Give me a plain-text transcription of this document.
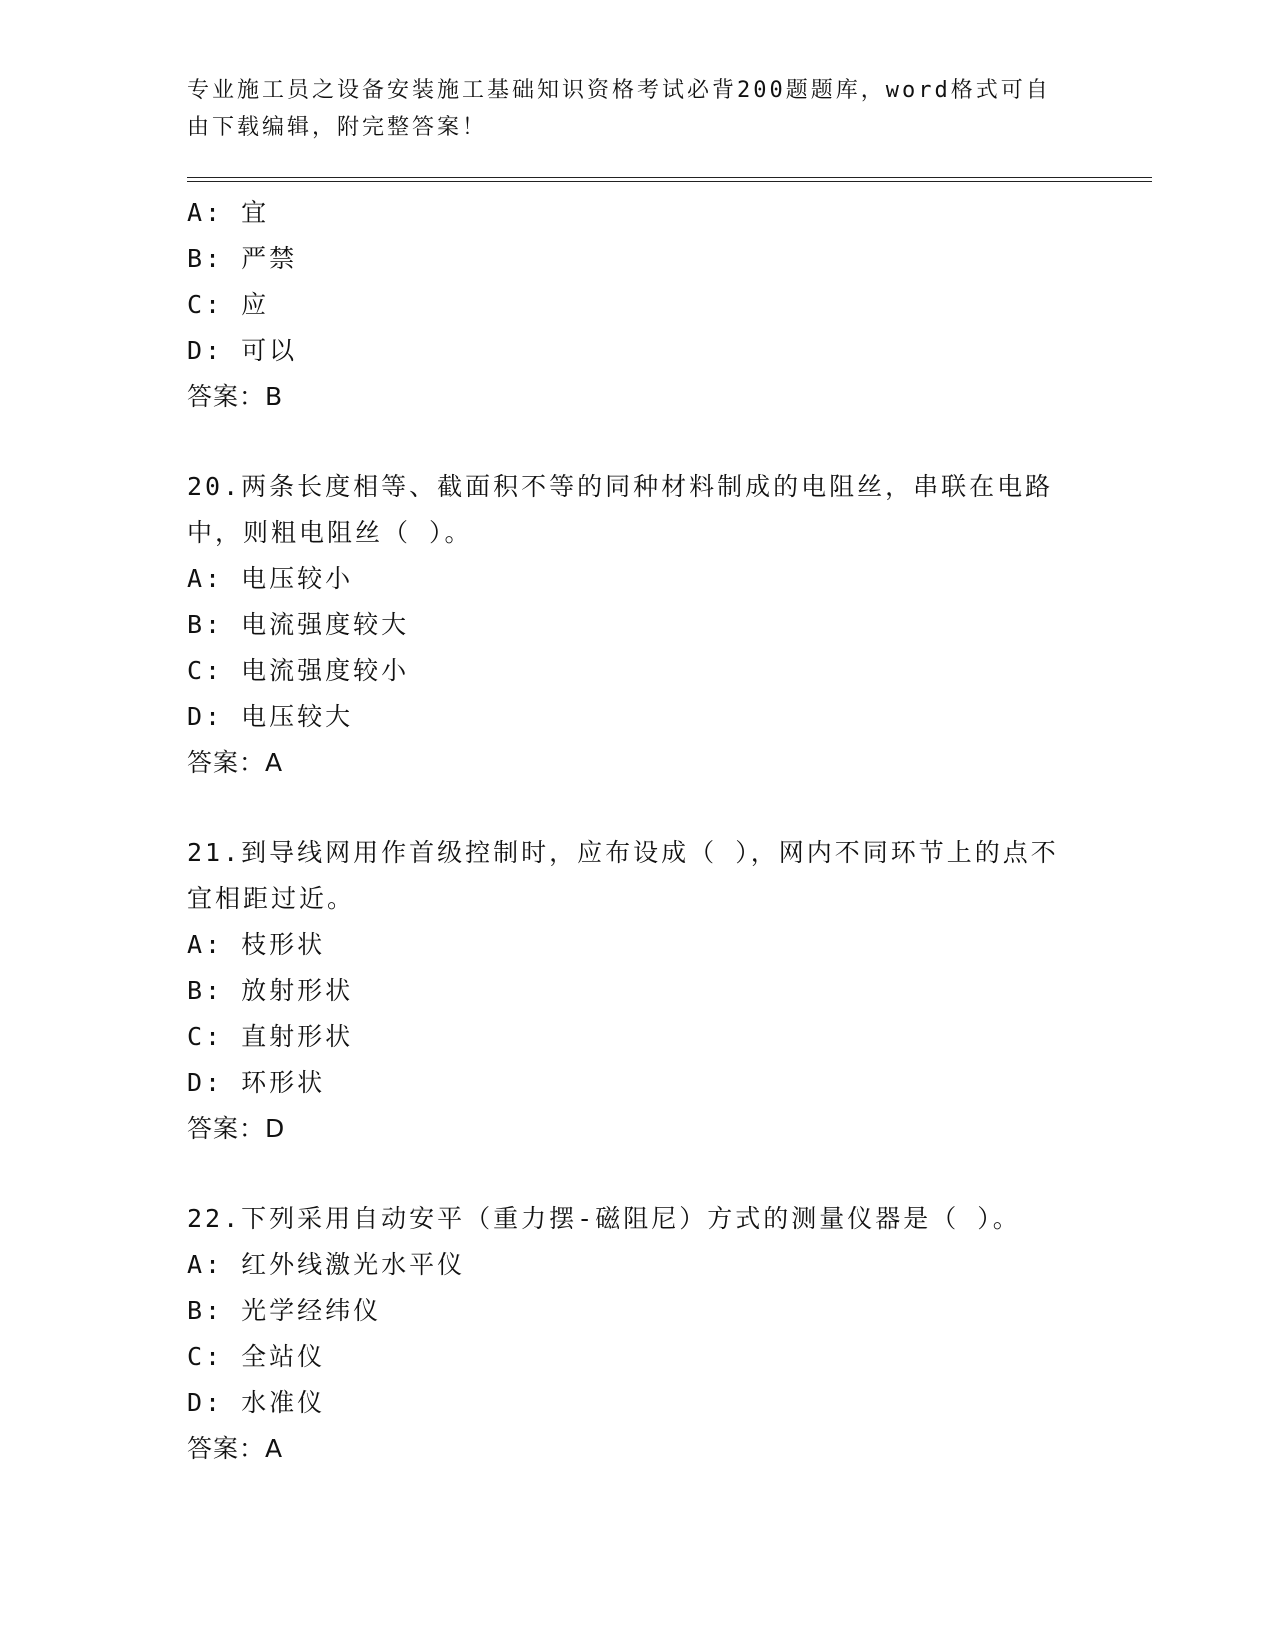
专业施工员之设备安装施工基础知识资格考试必背200题题库，word格式可自由下载编辑，附完整答案！
A: 宜
B: 严禁
C: 应
D: 可以
答案：B
20.两条长度相等、截面积不等的同种材料制成的电阻丝，串联在电路中，则粗电阻丝（ ）。
A: 电压较小
B: 电流强度较大
C: 电流强度较小
D: 电压较大
答案：A
21.到导线网用作首级控制时，应布设成（ ），网内不同环节上的点不宜相距过近。
A: 枝形状
B: 放射形状
C: 直射形状
D: 环形状
答案：D
22.下列采用自动安平（重力摆-磁阻尼）方式的测量仪器是（ ）。
A: 红外线激光水平仪
B: 光学经纬仪
C: 全站仪
D: 水准仪
答案：A
